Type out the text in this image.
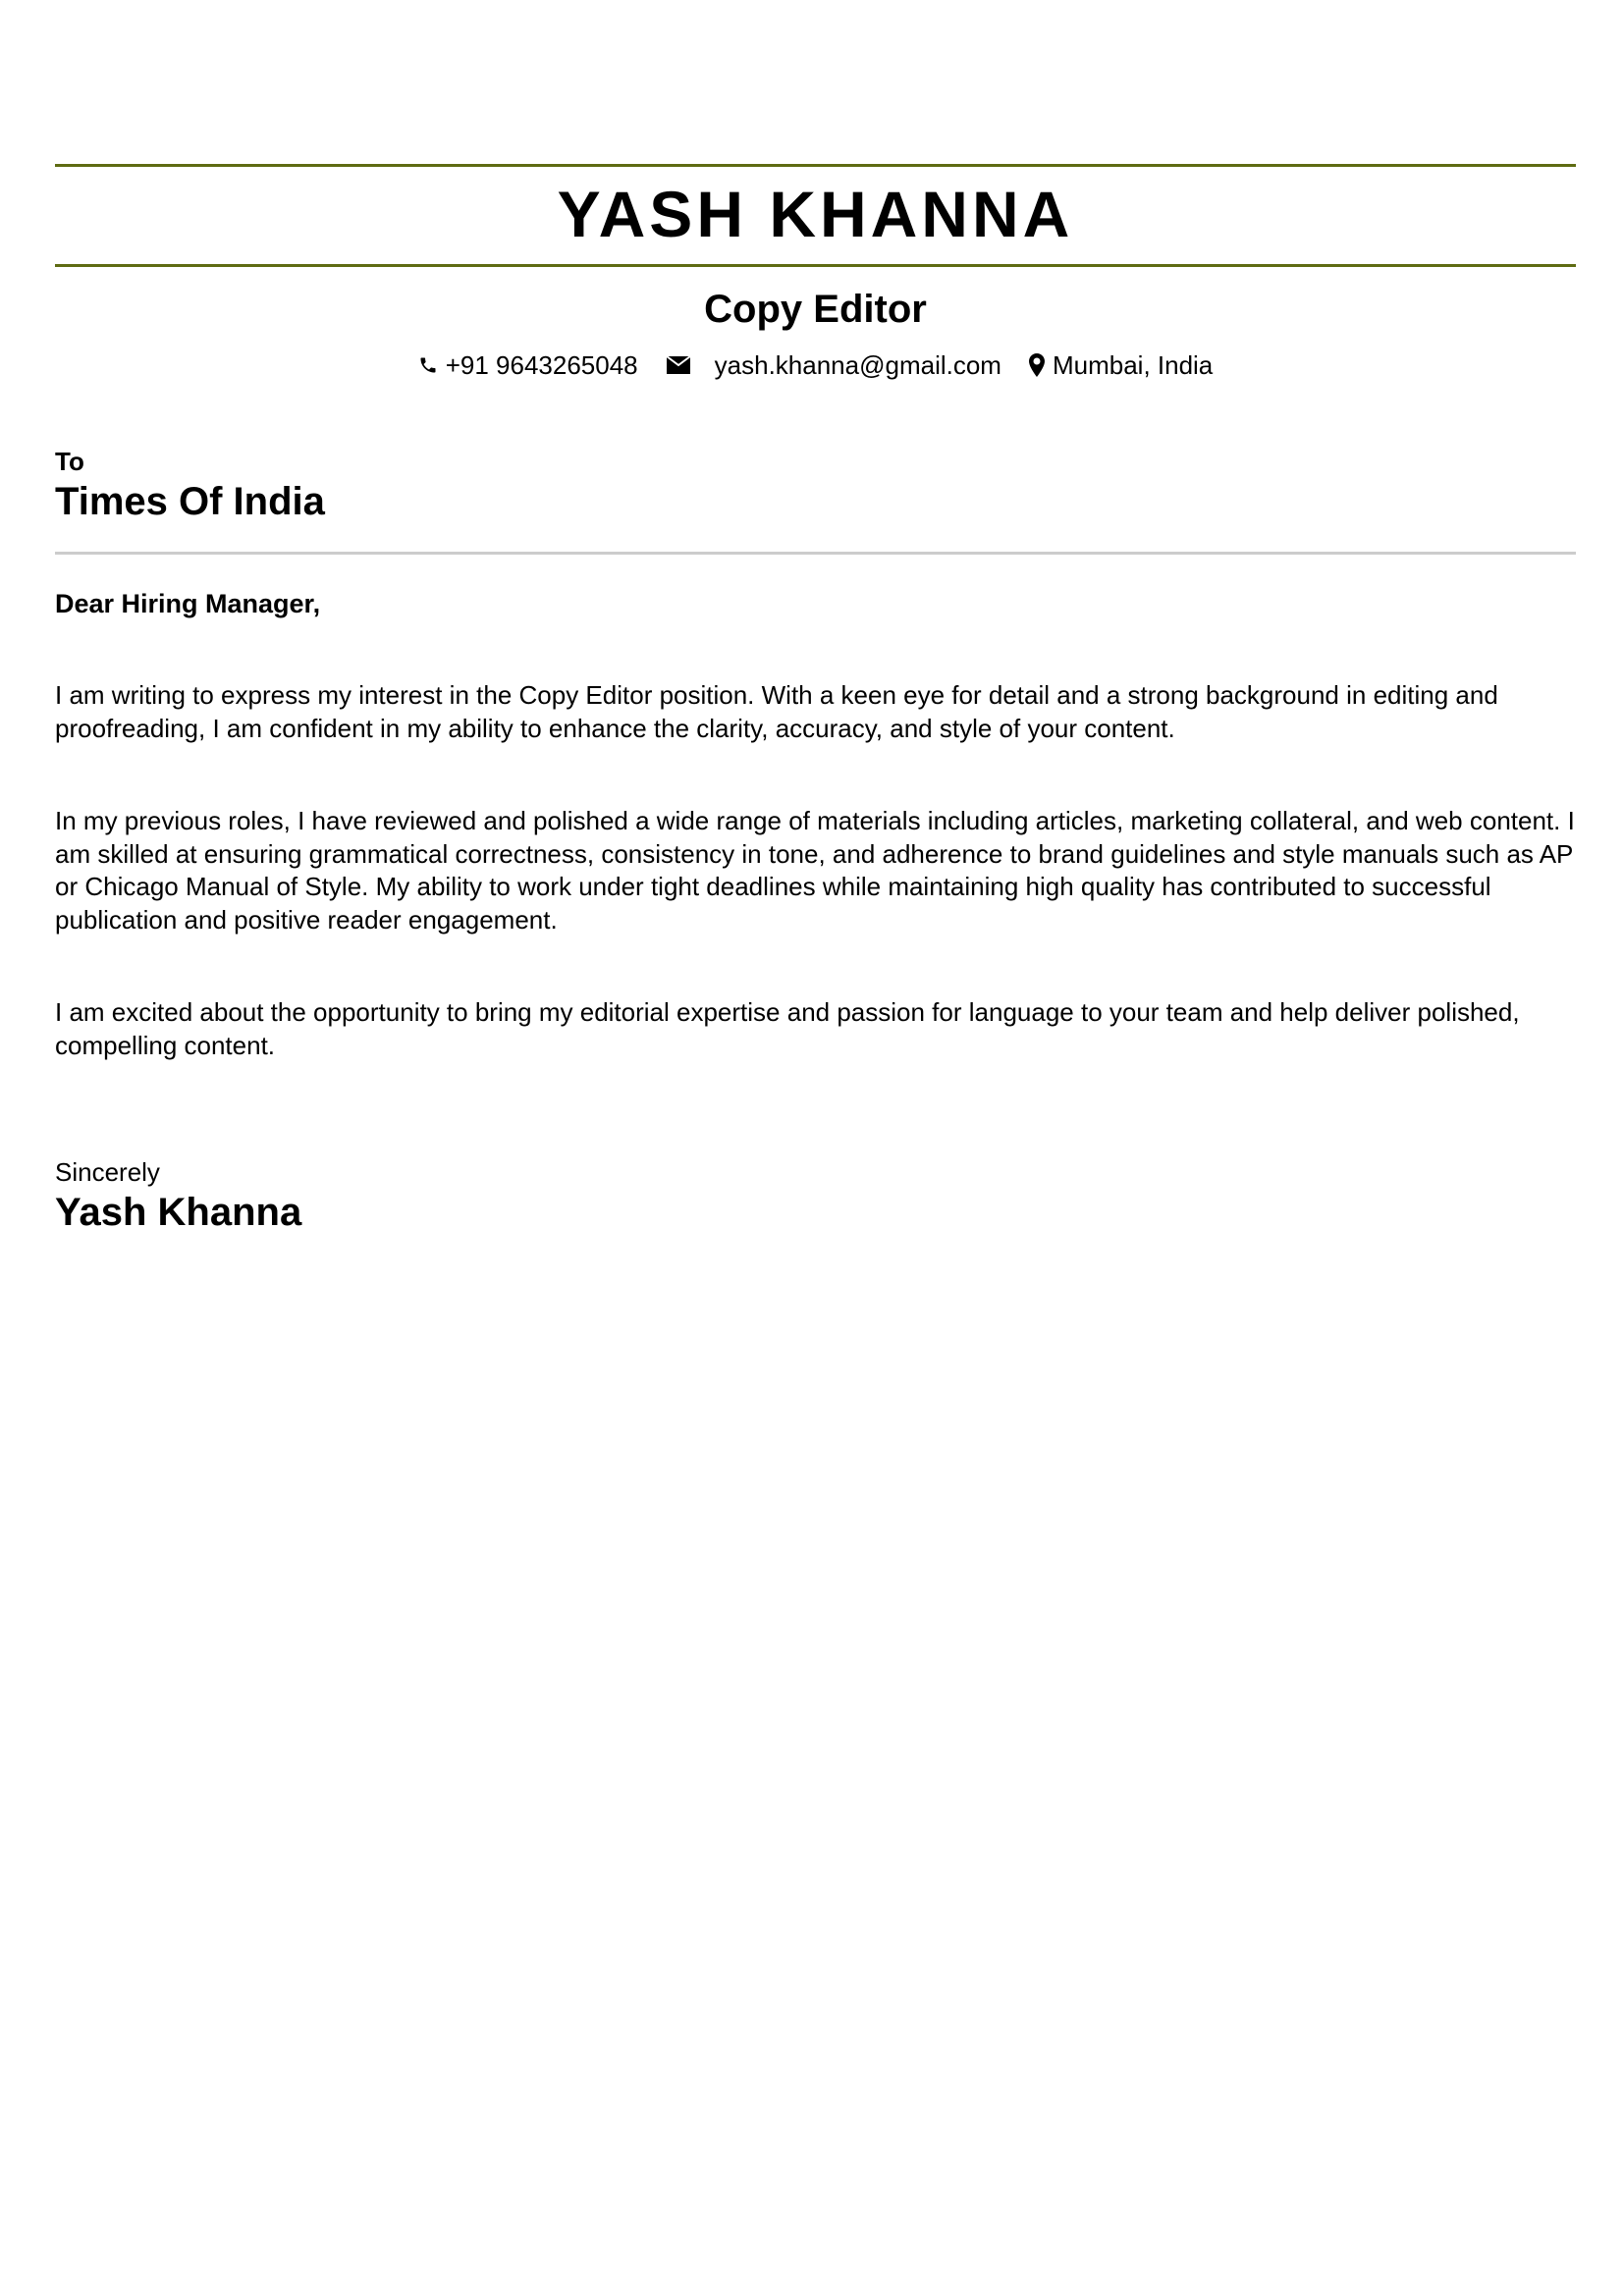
YASH KHANNA
Copy Editor
+91 9643265048	yash.khanna@gmail.com Mumbai, India
To
Times Of India
Dear Hiring Manager,

I am writing to express my interest in the Copy Editor position. With a keen eye for detail and a strong background in editing and proofreading, I am confident in my ability to enhance the clarity, accuracy, and style of your content.

In my previous roles, I have reviewed and polished a wide range of materials including articles, marketing collateral, and web content. I am skilled at ensuring grammatical correctness, consistency in tone, and adherence to brand guidelines and style manuals such as AP or Chicago Manual of Style. My ability to work under tight deadlines while maintaining high quality has contributed to successful publication and positive reader engagement.

I am excited about the opportunity to bring my editorial expertise and passion for language to your team and help deliver polished, compelling content.

Sincerely
Yash Khanna
